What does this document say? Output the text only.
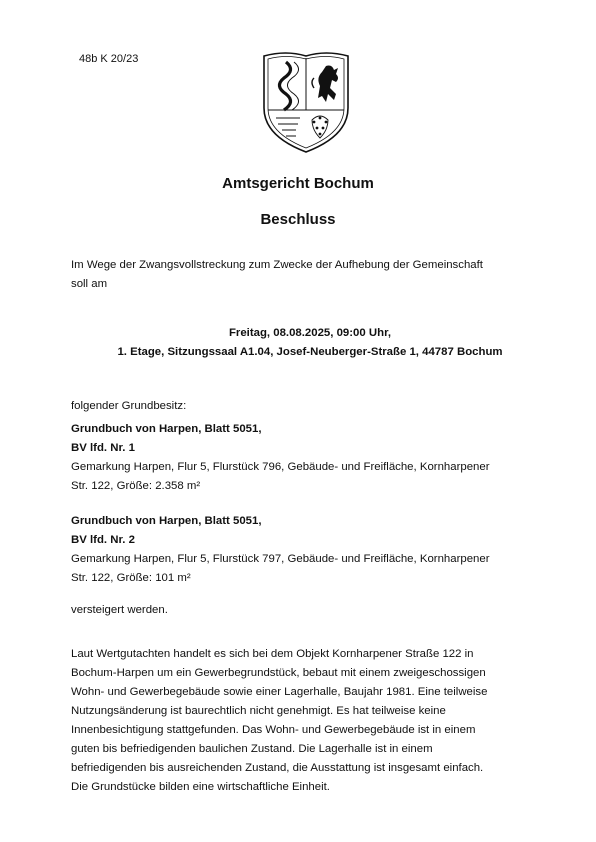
48b K 20/23
Amtsgericht Bochum
Beschluss
Im Wege der Zwangsvollstreckung zum Zwecke der Aufhebung der Gemeinschaft
soll am
Freitag, 08.08.2025, 09:00 Uhr,
1. Etage, Sitzungssaal A1.04, Josef-Neuberger-Straße 1, 44787 Bochum
folgender Grundbesitz:
Grundbuch von Harpen, Blatt 5051,
BV lfd. Nr. 1
Gemarkung Harpen, Flur 5, Flurstück 796, Gebäude- und Freifläche, Kornharpener
Str. 122, Größe: 2.358 m²
Grundbuch von Harpen, Blatt 5051,
BV lfd. Nr. 2
Gemarkung Harpen, Flur 5, Flurstück 797, Gebäude- und Freifläche, Kornharpener
Str. 122, Größe: 101 m²
versteigert werden.
Laut Wertgutachten handelt es sich bei dem Objekt Kornharpener Straße 122 in
Bochum-Harpen um ein Gewerbegrundstück, bebaut mit einem zweigeschossigen
Wohn- und Gewerbegebäude sowie einer Lagerhalle, Baujahr 1981. Eine teilweise
Nutzungsänderung ist baurechtlich nicht genehmigt. Es hat teilweise keine
Innenbesichtigung stattgefunden. Das Wohn- und Gewerbegebäude ist in einem
guten bis befriedigenden baulichen Zustand. Die Lagerhalle ist in einem
befriedigenden bis ausreichenden Zustand, die Ausstattung ist insgesamt einfach.
Die Grundstücke bilden eine wirtschaftliche Einheit.
